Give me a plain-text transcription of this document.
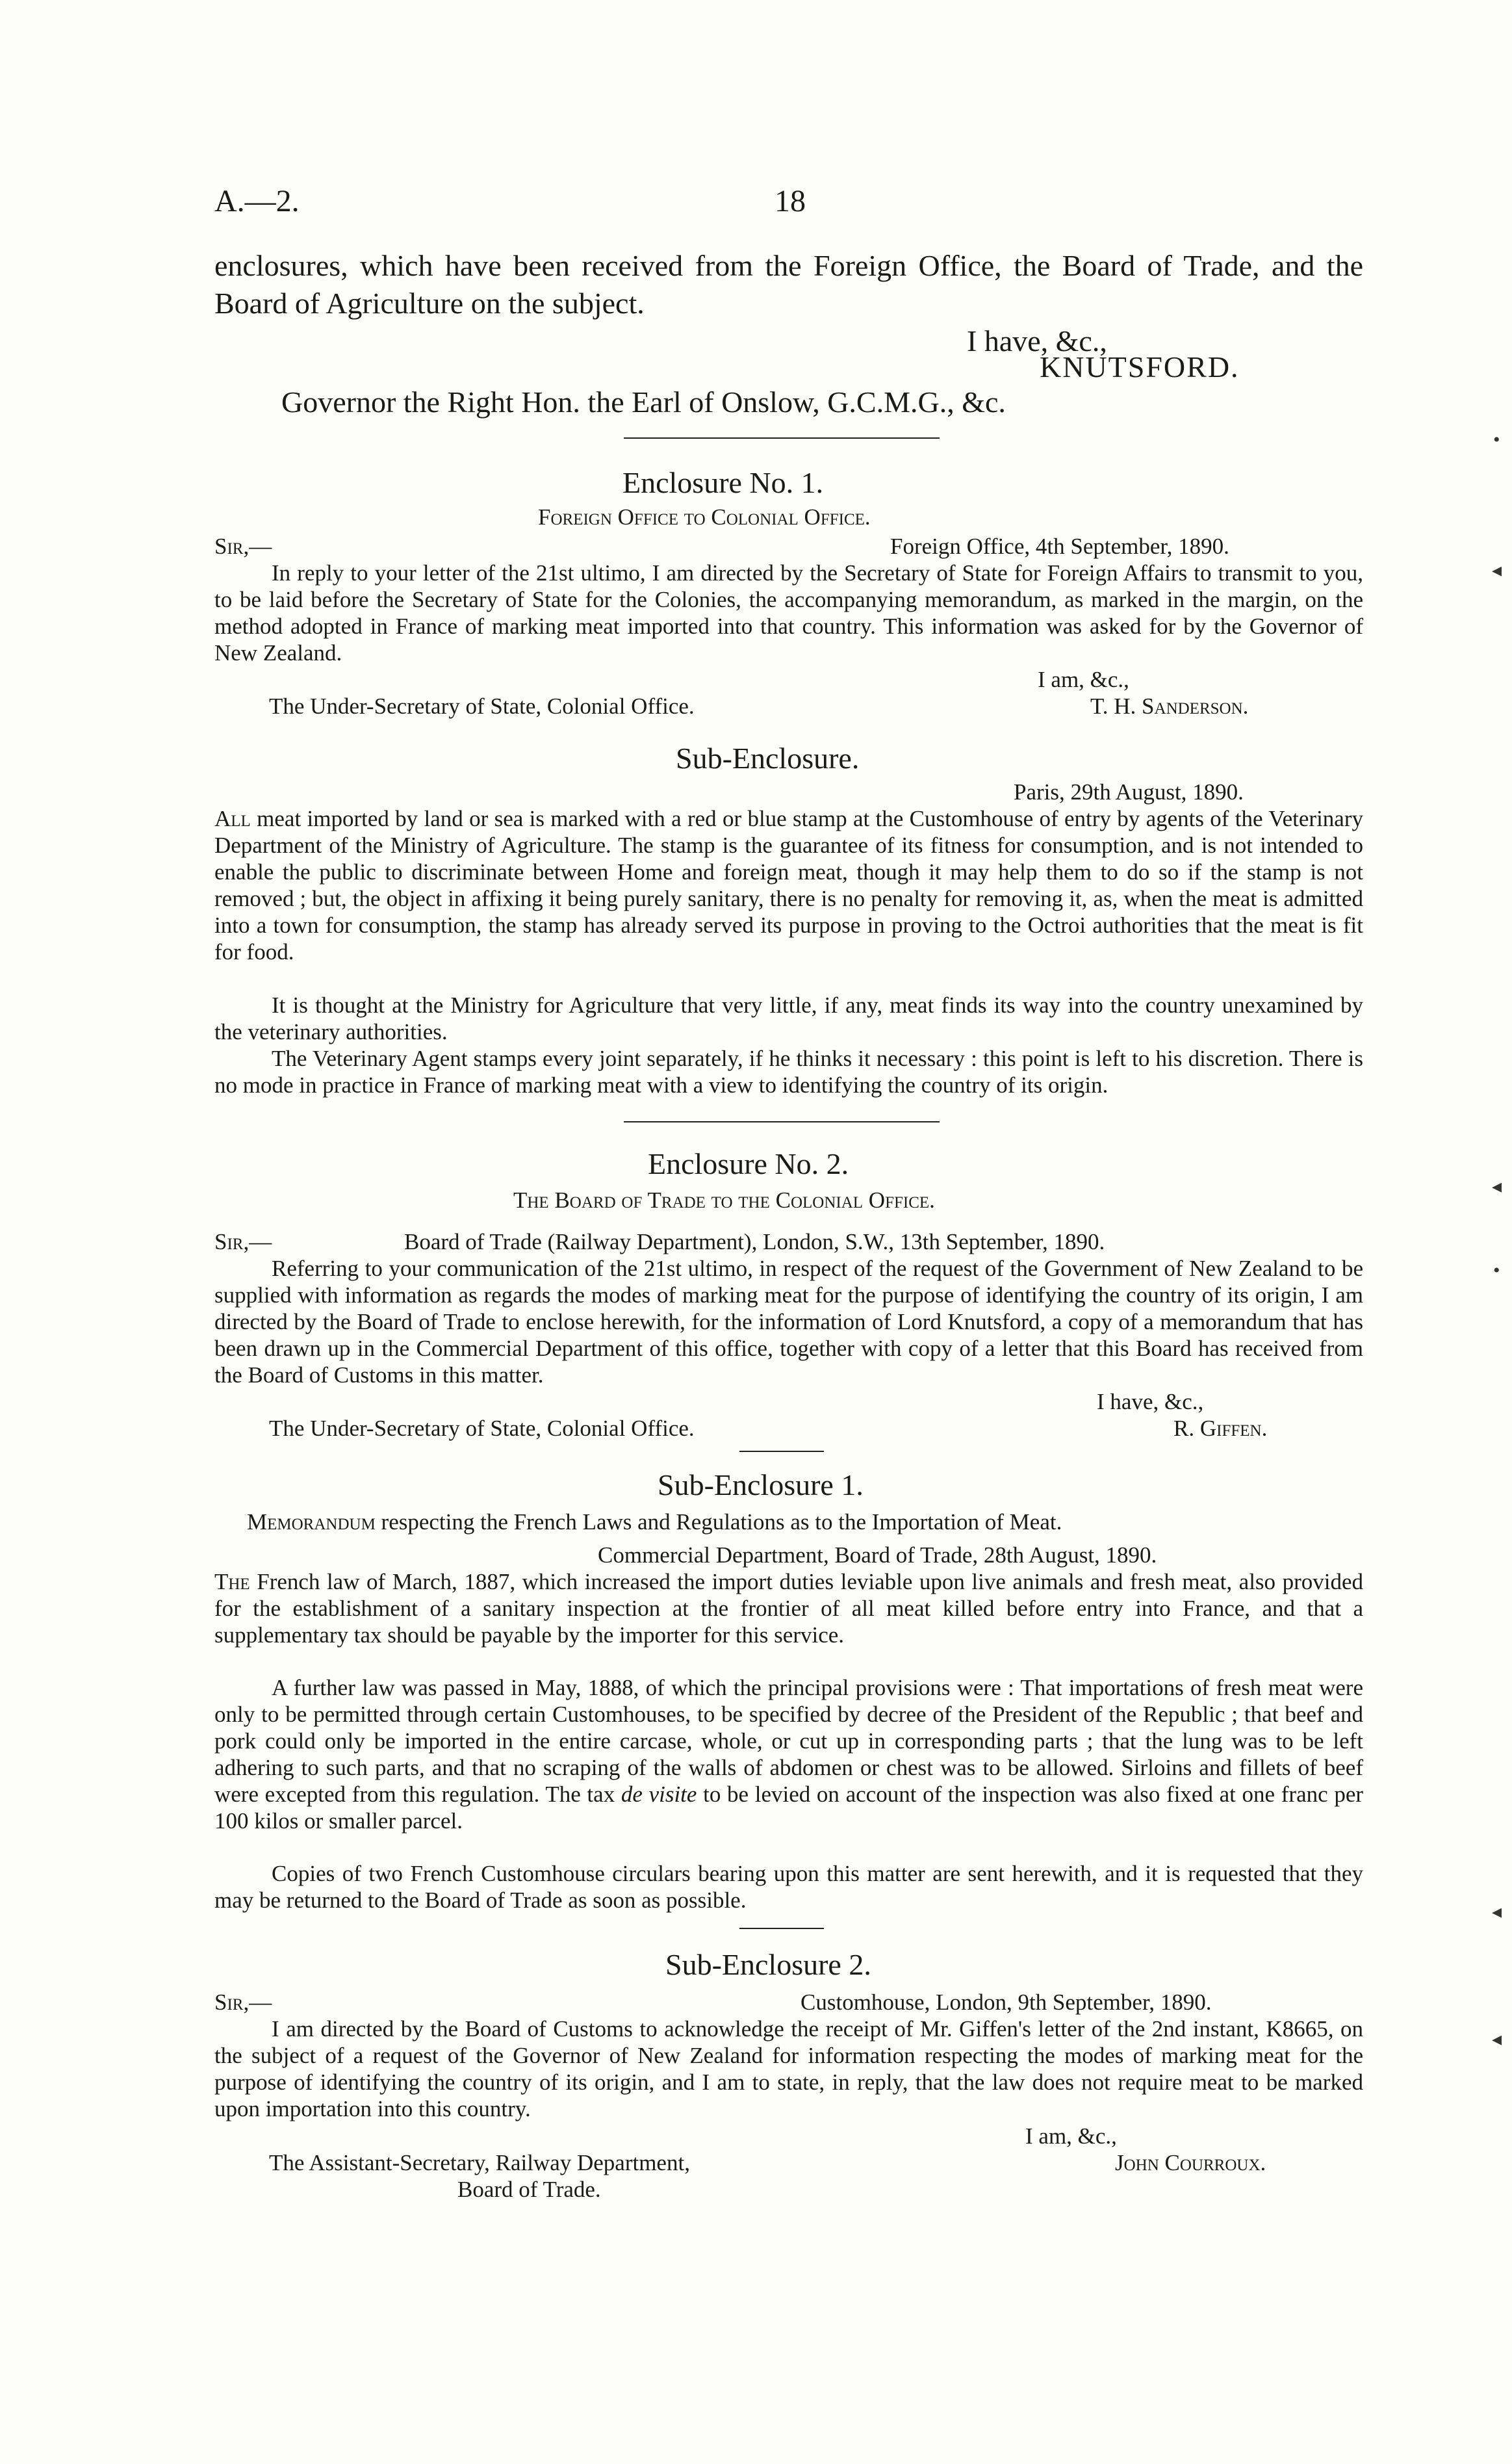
A.—2.	18
enclosures, which have been received from the Foreign Office, the Board of Trade, and the Board of Agriculture on the subject.
I have, &c.,
KNUTSFORD.
Governor the Right Hon. the Earl of Onslow, G.C.M.G., &c.
Enclosure No. 1.
Foreign Office to Colonial Office.
Sir,—	Foreign Office, 4th September, 1890.
In reply to your letter of the 21st ultimo, I am directed by the Secretary of State for Foreign Affairs to transmit to you, to be laid before the Secretary of State for the Colonies, the accompanying memorandum, as marked in the margin, on the method adopted in France of marking meat imported into that country. This information was asked for by the Governor of New Zealand.
I am, &c.,
The Under-Secretary of State, Colonial Office.	T. H. Sanderson.
Sub-Enclosure.
Paris, 29th August, 1890.
All meat imported by land or sea is marked with a red or blue stamp at the Customhouse of entry by agents of the Veterinary Department of the Ministry of Agriculture. The stamp is the guarantee of its fitness for consumption, and is not intended to enable the public to discriminate between Home and foreign meat, though it may help them to do so if the stamp is not removed ; but, the object in affixing it being purely sanitary, there is no penalty for removing it, as, when the meat is admitted into a town for consumption, the stamp has already served its purpose in proving to the Octroi authorities that the meat is fit for food.
It is thought at the Ministry for Agriculture that very little, if any, meat finds its way into the country unexamined by the veterinary authorities.
The Veterinary Agent stamps every joint separately, if he thinks it necessary : this point is left to his discretion. There is no mode in practice in France of marking meat with a view to identifying the country of its origin.
Enclosure No. 2.
The Board of Trade to the Colonial Office.
Sir,—	Board of Trade (Railway Department), London, S.W., 13th September, 1890.
Referring to your communication of the 21st ultimo, in respect of the request of the Government of New Zealand to be supplied with information as regards the modes of marking meat for the purpose of identifying the country of its origin, I am directed by the Board of Trade to enclose herewith, for the information of Lord Knutsford, a copy of a memorandum that has been drawn up in the Commercial Department of this office, together with copy of a letter that this Board has received from the Board of Customs in this matter.
I have, &c.,
The Under-Secretary of State, Colonial Office.	R. Giffen.
Sub-Enclosure 1.
Memorandum respecting the French Laws and Regulations as to the Importation of Meat.
Commercial Department, Board of Trade, 28th August, 1890.
The French law of March, 1887, which increased the import duties leviable upon live animals and fresh meat, also provided for the establishment of a sanitary inspection at the frontier of all meat killed before entry into France, and that a supplementary tax should be payable by the importer for this service.
A further law was passed in May, 1888, of which the principal provisions were : That importations of fresh meat were only to be permitted through certain Customhouses, to be specified by decree of the President of the Republic ; that beef and pork could only be imported in the entire carcase, whole, or cut up in corresponding parts ; that the lung was to be left adhering to such parts, and that no scraping of the walls of abdomen or chest was to be allowed. Sirloins and fillets of beef were excepted from this regulation. The tax de visite to be levied on account of the inspection was also fixed at one franc per 100 kilos or smaller parcel.
Copies of two French Customhouse circulars bearing upon this matter are sent herewith, and it is requested that they may be returned to the Board of Trade as soon as possible.
Sub-Enclosure 2.
Sir,—	Customhouse, London, 9th September, 1890.
I am directed by the Board of Customs to acknowledge the receipt of Mr. Giffen's letter of the 2nd instant, K8665, on the subject of a request of the Governor of New Zealand for information respecting the modes of marking meat for the purpose of identifying the country of its origin, and I am to state, in reply, that the law does not require meat to be marked upon importation into this country.
I am, &c.,
The Assistant-Secretary, Railway Department,	John Courroux.
Board of Trade.
•
◂
◂
•
◂
◂
